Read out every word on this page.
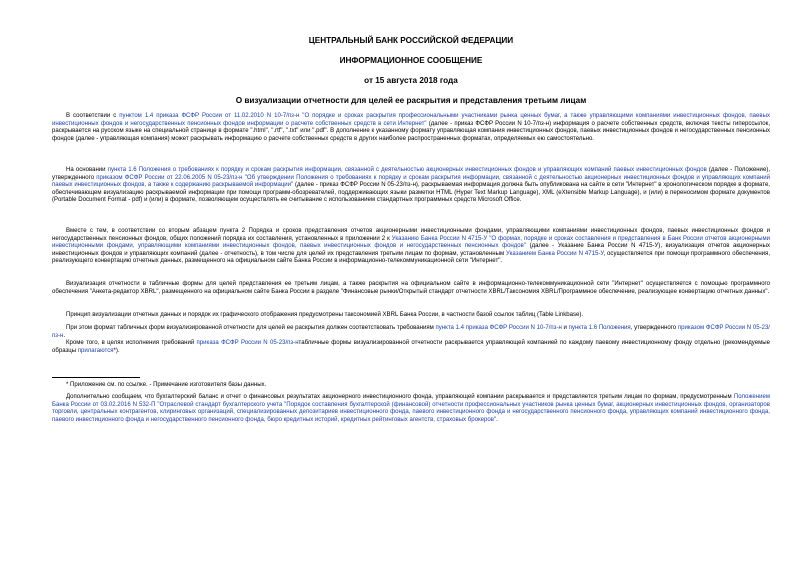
ЦЕНТРАЛЬНЫЙ БАНК РОССИЙСКОЙ ФЕДЕРАЦИИ
ИНФОРМАЦИОННОЕ СООБЩЕНИЕ
от 15 августа 2018 года
О визуализации отчетности для целей ее раскрытия и представления третьим лицам

В соответствии с пунктом 1.4 приказа ФСФР России от 11.02.2010 N 10-7/пз-н "О порядке и сроках раскрытия профессиональными участниками рынка ценных бумаг, а также управляющими компаниями инвестиционных фондов, паевых инвестиционных фондов и негосударственных пенсионных фондов информации о расчете собственных средств в сети Интернет" (далее - приказ ФСФР России N 10-7/пз-н) информация о расчете собственных средств, включая тексты гиперссылок, раскрывается на русском языке на специальной странице в формате ".html", ".rtf", ".txt" или ".pdf". В дополнение к указанному формату управляющая компания инвестиционных фондов, паевых инвестиционных фондов и негосударственных пенсионных фондов (далее - управляющая компания) может раскрывать информацию о расчете собственных средств в других наиболее распространенных форматах, определяемых ею самостоятельно.

На основании пункта 1.6 Положения о требованиях к порядку и срокам раскрытия информации, связанной с деятельностью акционерных инвестиционных фондов и управляющих компаний паевых инвестиционных фондов (далее - Положение), утвержденного приказом ФСФР России от 22.06.2005 N 05-23/пз-н "Об утверждении Положения о требованиях к порядку и срокам раскрытия информации, связанной с деятельностью акционерных инвестиционных фондов и управляющих компаний паевых инвестиционных фондов, а также к содержанию раскрываемой информации" (далее - приказ ФСФР России N 05-23/пз-н), раскрываемая информация должна быть опубликована на сайте в сети "Интернет" в хронологическом порядке в формате, обеспечивающем визуализацию раскрываемой информации при помощи программ-обозревателей, поддерживающих языки разметки HTML (Hyper Text Markup Language), XML (eXtensible Markup Language), и (или) в переносимом формате документов (Portable Document Format - pdf) и (или) в формате, позволяющем осуществлять ее считывание с использованием стандартных программных средств Microsoft Office.

Вместе с тем, в соответствии со вторым абзацем пункта 2 Порядка и сроков представления отчетов акционерными инвестиционными фондами, управляющими компаниями инвестиционных фондов, паевых инвестиционных фондов и негосударственных пенсионных фондов, общих положений порядка их составления, установленных в приложении 2 к Указанию Банка России N 4715-У "О формах, порядке и сроках составления и представления в Банк России отчетов акционерными инвестиционными фондами, управляющими компаниями инвестиционных фондов, паевых инвестиционных фондов и негосударственных пенсионных фондов" (далее - Указание Банка России N 4715-У), визуализация отчетов акционерных инвестиционных фондов и управляющих компаний (далее - отчетность), в том числе для целей их представления третьим лицам по формам, установленным Указанием Банка России N 4715-У, осуществляется при помощи программного обеспечения, реализующего конвертацию отчетных данных, размещенного на официальном сайте Банка России в информационно-телекоммуникационной сети "Интернет".

Визуализация отчетности в табличные формы для целей представления ее третьим лицам, а также раскрытия на официальном сайте в информационно-телекоммуникационной сети "Интернет" осуществляется с помощью программного обеспечения "Анкета-редактор XBRL", размещенного на официальном сайте Банка России в разделе "Финансовые рынки/Открытый стандарт отчетности XBRL/Таксономия XBRL/Программное обеспечение, реализующее конвертацию отчетных данных".

Принцип визуализации отчетных данных и порядок их графического отображения предусмотрены таксономией XBRL Банка России, в частности базой ссылок таблиц (Table Linkbase).

При этом формат табличных форм визуализированной отчетности для целей ее раскрытия должен соответствовать требованиям пункта 1.4 приказа ФСФР России N 10-7/пз-н и пункта 1.6 Положения, утвержденного приказом ФСФР России N 05-23/пз-н.

Кроме того, в целях исполнения требований приказа ФСФР России N 05-23/пз-нтабличные формы визуализированной отчетности раскрывается управляющей компанией по каждому паевому инвестиционному фонду отдельно (рекомендуемые образцы прилагаются*).

* Приложение см. по ссылке. - Примечание изготовителя базы данных.

Дополнительно сообщаем, что бухгалтерский баланс и отчет о финансовых результатах акционерного инвестиционного фонда, управляющей компании раскрывается и представляется третьим лицам по формам, предусмотренным Положением Банка России от 03.02.2016 N 532-П "Отраслевой стандарт бухгалтерского учета "Порядок составления бухгалтерской (финансовой) отчетности профессиональных участников рынка ценных бумаг, акционерных инвестиционных фондов, организаторов торговли, центральных контрагентов, клиринговых организаций, специализированных депозитариев инвестиционного фонда, паевого инвестиционного фонда и негосударственного пенсионного фонда, управляющих компаний инвестиционного фонда, паевого инвестиционного фонда и негосударственного пенсионного фонда, бюро кредитных историй, кредитных рейтинговых агентств, страховых брокеров".
